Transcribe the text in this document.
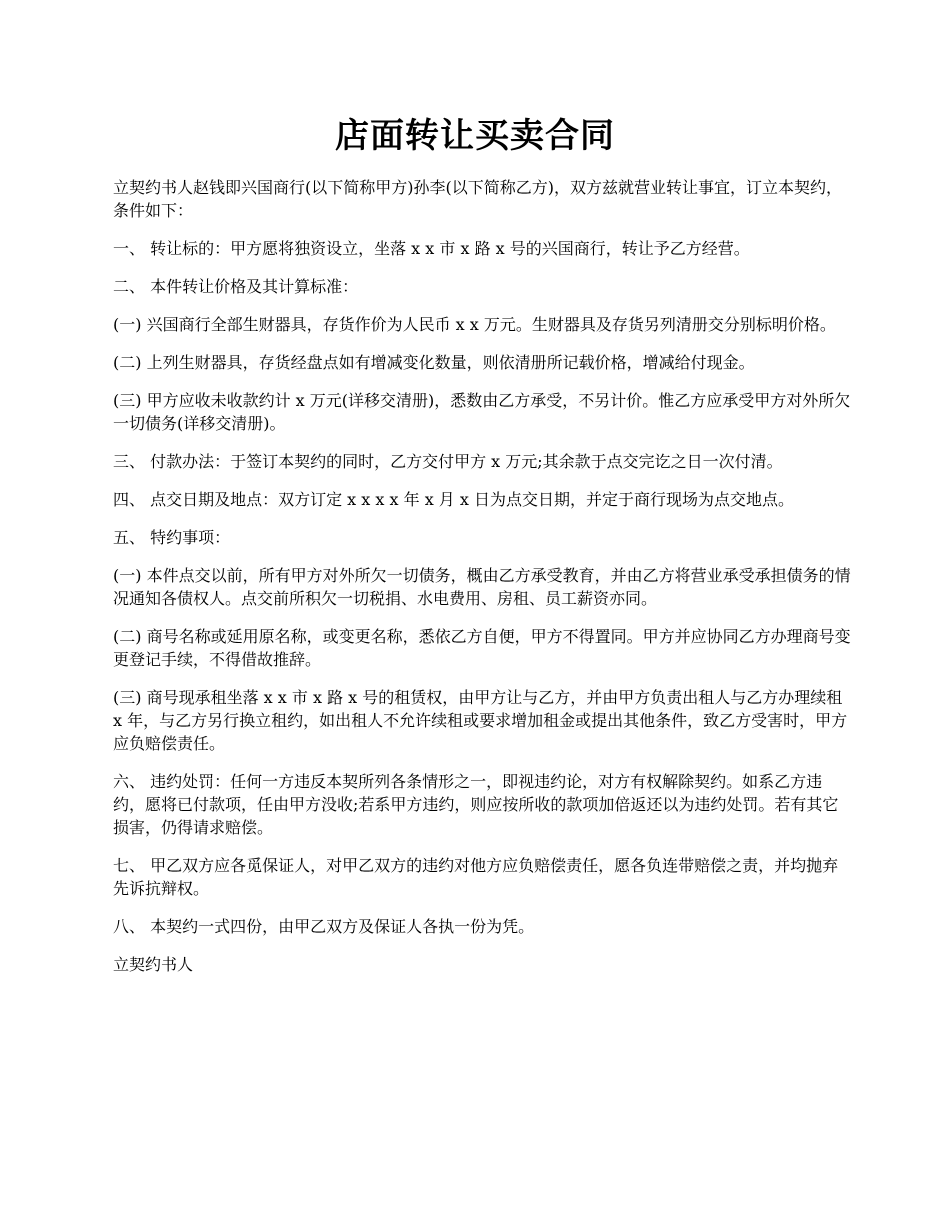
店面转让买卖合同

立契约书人赵钱即兴国商行(以下简称甲方)孙李(以下简称乙方)，双方兹就营业转让事宜，订立本契约，条件如下：

一、 转让标的：甲方愿将独资设立，坐落 x x 市 x 路 x 号的兴国商行，转让予乙方经营。

二、 本件转让价格及其计算标准：

(一) 兴国商行全部生财器具，存货作价为人民币 x x 万元。生财器具及存货另列清册交分别标明价格。

(二) 上列生财器具，存货经盘点如有增减变化数量，则依清册所记载价格，增减给付现金。

(三) 甲方应收未收款约计 x 万元(详移交清册)，悉数由乙方承受，不另计价。惟乙方应承受甲方对外所欠一切债务(详移交清册)。

三、 付款办法：于签订本契约的同时，乙方交付甲方 x 万元;其余款于点交完讫之日一次付清。

四、 点交日期及地点：双方订定 x x x x 年 x 月 x 日为点交日期，并定于商行现场为点交地点。

五、 特约事项：

(一) 本件点交以前，所有甲方对外所欠一切债务，概由乙方承受教育，并由乙方将营业承受承担债务的情况通知各债权人。点交前所积欠一切税捐、水电费用、房租、员工薪资亦同。

(二) 商号名称或延用原名称，或变更名称，悉依乙方自便，甲方不得置同。甲方并应协同乙方办理商号变更登记手续，不得借故推辞。

(三) 商号现承租坐落 x x 市 x 路 x 号的租赁权，由甲方让与乙方，并由甲方负责出租人与乙方办理续租 x 年，与乙方另行换立租约，如出租人不允许续租或要求增加租金或提出其他条件，致乙方受害时，甲方应负赔偿责任。

六、 违约处罚：任何一方违反本契所列各条情形之一，即视违约论，对方有权解除契约。如系乙方违约，愿将已付款项，任由甲方没收;若系甲方违约，则应按所收的款项加倍返还以为违约处罚。若有其它损害，仍得请求赔偿。

七、 甲乙双方应各觅保证人，对甲乙双方的违约对他方应负赔偿责任，愿各负连带赔偿之责，并均抛弃先诉抗辩权。

八、 本契约一式四份，由甲乙双方及保证人各执一份为凭。

立契约书人
